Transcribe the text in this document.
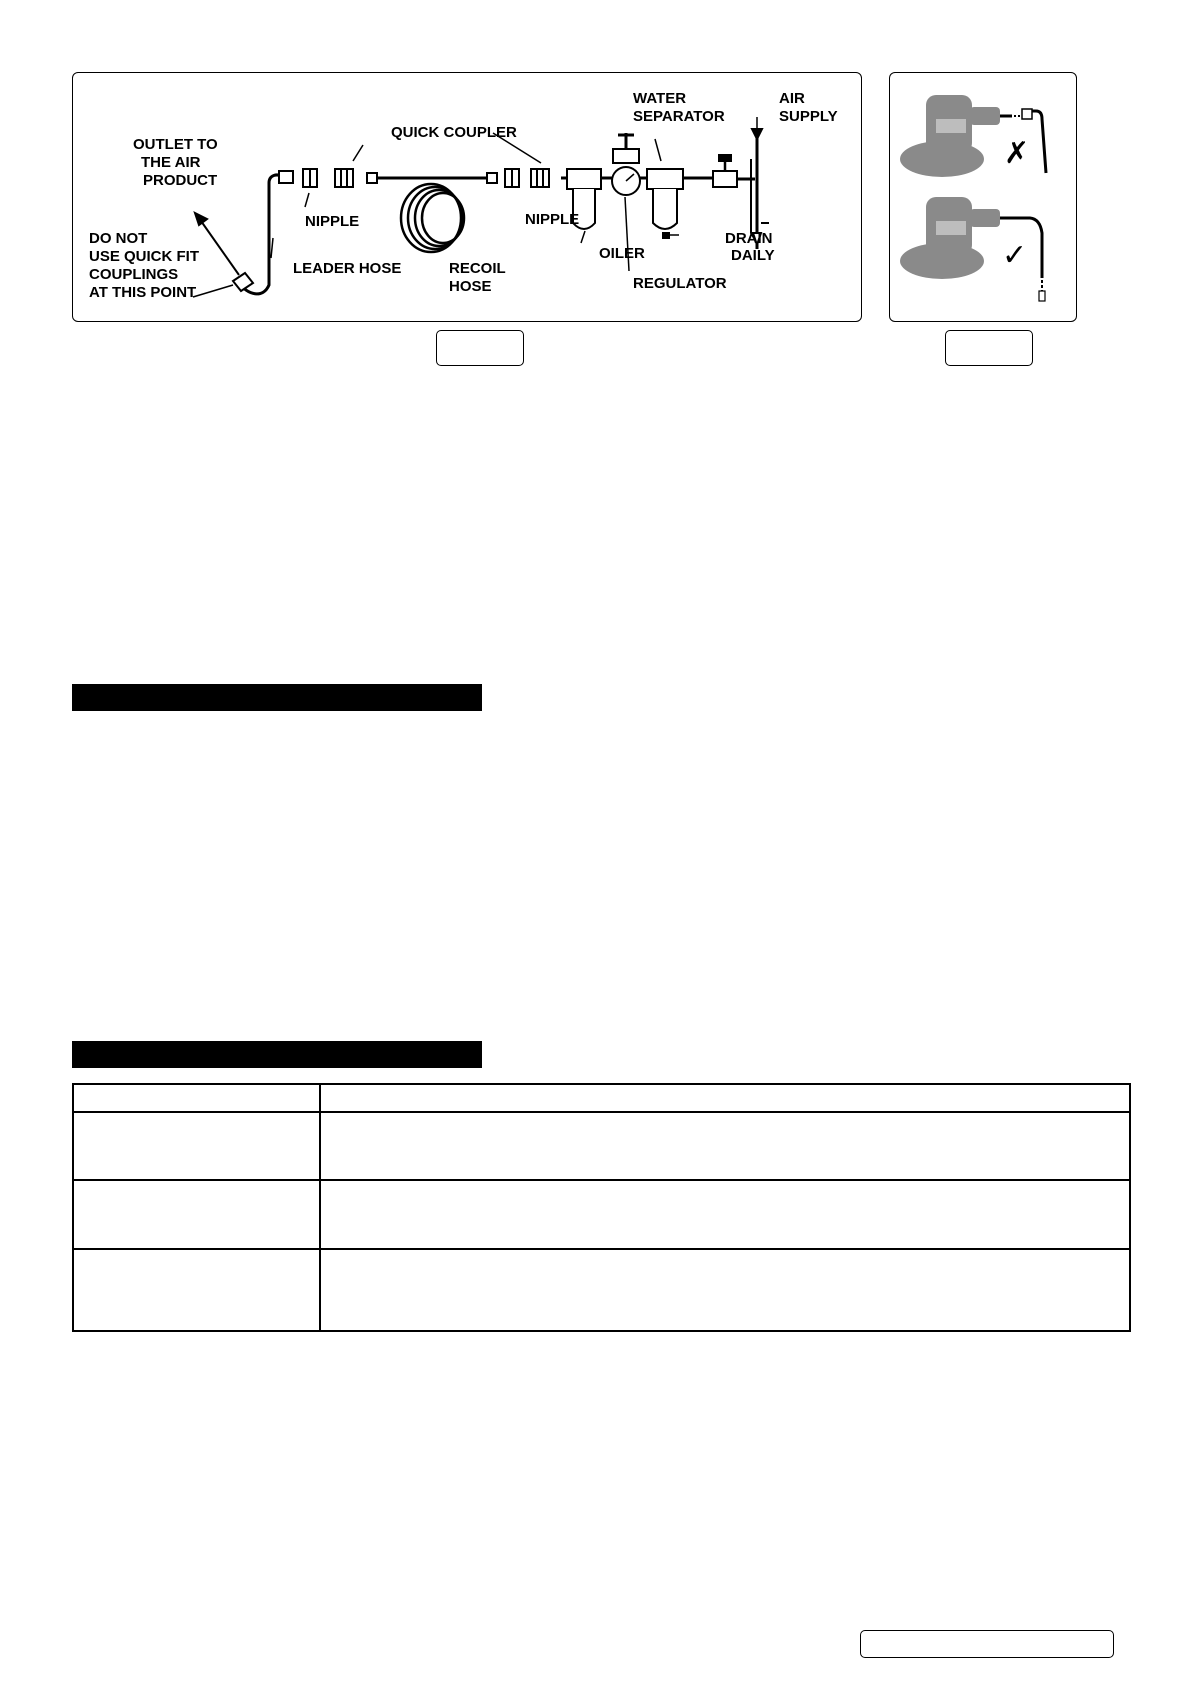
OUTLET TO
THE AIR
PRODUCT
QUICK COUPLER
WATER
SEPARATOR
AIR
SUPPLY
NIPPLE	NIPPLE
DO NOT
USE QUICK FIT
COUPLINGS
AT THIS POINT
LEADER HOSE	RECOIL
HOSE
OILER
REGULATOR
DRAIN
DAILY
✗
✓
